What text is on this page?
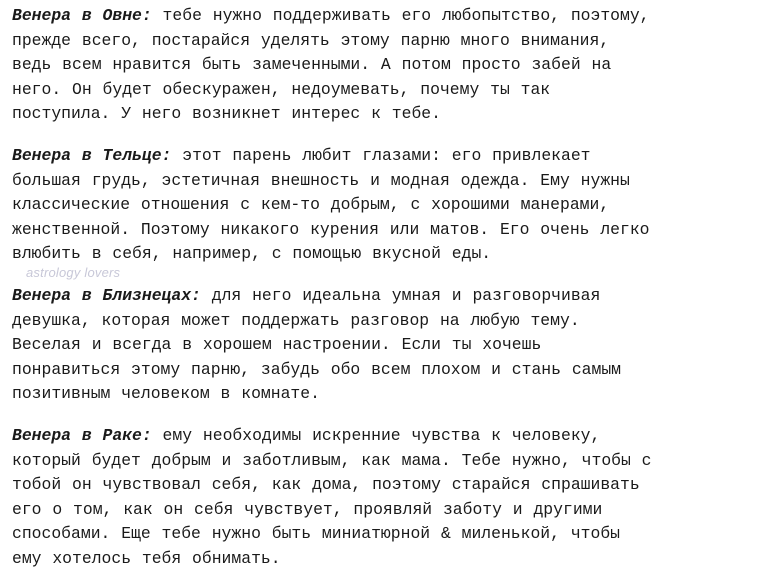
Венера в Овне: тебе нужно поддерживать его любопытство, поэтому,
прежде всего, постарайся уделять этому парню много внимания,
ведь всем нравится быть замеченными. А потом просто забей на
него. Он будет обескуражен, недоумевать, почему ты так
поступила. У него возникнет интерес к тебе.

Венера в Тельце: этот парень любит глазами: его привлекает
большая грудь, эстетичная внешность и модная одежда. Ему нужны
классические отношения с кем-то добрым, с хорошими манерами,
женственной. Поэтому никакого курения или матов. Его очень легко
влюбить в себя, например, с помощью вкусной еды.

Венера в Близнецах: для него идеальна умная и разговорчивая
девушка, которая может поддержать разговор на любую тему.
Веселая и всегда в хорошем настроении. Если ты хочешь
понравиться этому парню, забудь обо всем плохом и стань самым
позитивным человеком в комнате.

Венера в Раке: ему необходимы искренние чувства к человеку,
который будет добрым и заботливым, как мама. Тебе нужно, чтобы с
тобой он чувствовал себя, как дома, поэтому старайся спрашивать
его о том, как он себя чувствует, проявляй заботу и другими
способами. Еще тебе нужно быть миниатюрной & миленькой, чтобы
ему хотелось тебя обнимать.

astrology lovers
